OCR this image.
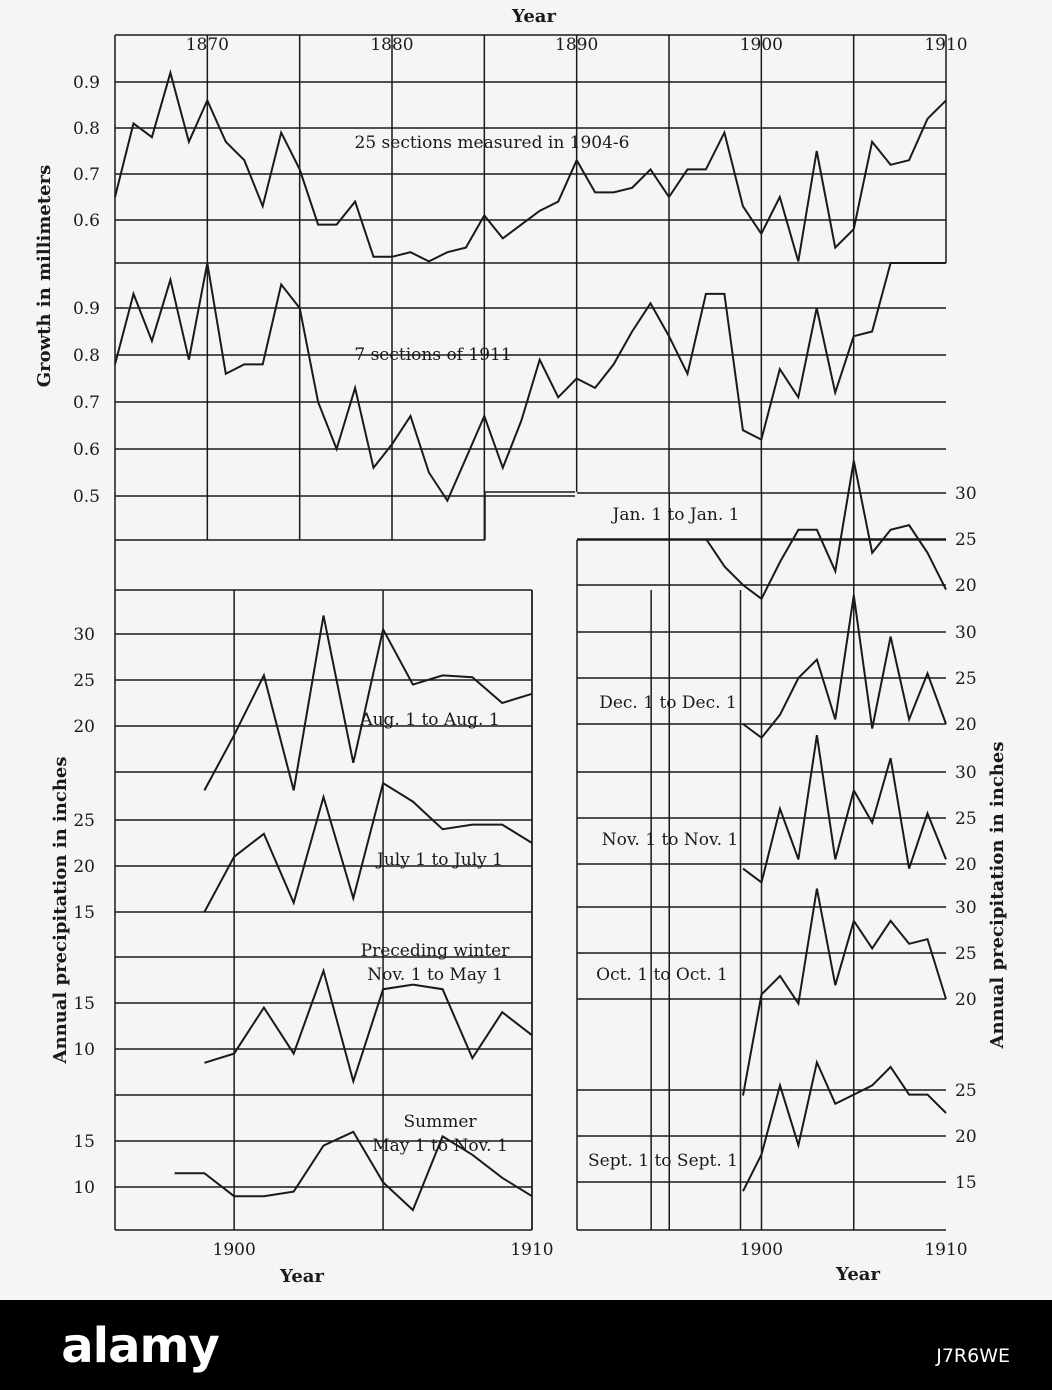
1870	1880	1890	1900	1910
Year
0.6
0.7
0.8
0.9
25 sections measured in 1904-6
0.5
0.6
0.7
0.8
0.9
7 sections of 1911
Growth in millimeters
20
25
30
Aug. 1 to Aug. 1
15
20
25
July 1 to July 1
10
15
Preceding winter
Nov. 1 to May 1
10
15
Summer
May 1 to Nov. 1
1900	1910
Year
Annual precipitation in inches
20
25
30
Jan. 1 to Jan. 1
20
25
30
Dec. 1 to Dec. 1
20
25
30
Nov. 1 to Nov. 1
20
25
30
Oct. 1 to Oct. 1
15
20
25
Sept. 1 to Sept. 1
1900	1910
Year
Annual precipitation in inches
alamy	J7R6WE
